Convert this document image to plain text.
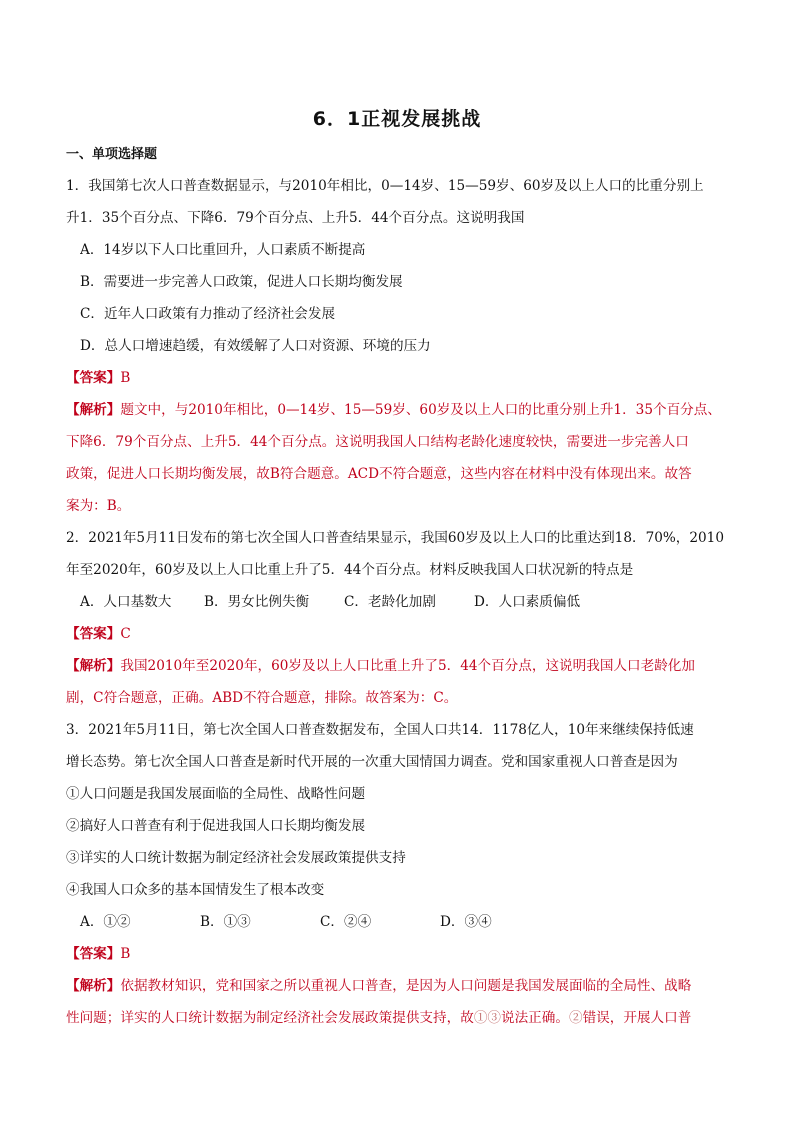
6．1正视发展挑战
一、单项选择题
1．我国第七次人口普查数据显示，与2010年相比，0—14岁、15—59岁、60岁及以上人口的比重分别上
升1．35个百分点、下降6．79个百分点、上升5．44个百分点。这说明我国
A．14岁以下人口比重回升，人口素质不断提高
B．需要进一步完善人口政策，促进人口长期均衡发展
C．近年人口政策有力推动了经济社会发展
D．总人口增速趋缓，有效缓解了人口对资源、环境的压力
【答案】B
【解析】题文中，与2010年相比，0—14岁、15—59岁、60岁及以上人口的比重分别上升1．35个百分点、
下降6．79个百分点、上升5．44个百分点。这说明我国人口结构老龄化速度较快，需要进一步完善人口
政策，促进人口长期均衡发展，故B符合题意。ACD不符合题意，这些内容在材料中没有体现出来。故答
案为：B。
2．2021年5月11日发布的第七次全国人口普查结果显示，我国60岁及以上人口的比重达到18．70%，2010
年至2020年，60岁及以上人口比重上升了5．44个百分点。材料反映我国人口状况新的特点是
A．人口基数大 B．男女比例失衡	C．老龄化加剧	D．人口素质偏低
【答案】C
【解析】我国2010年至2020年，60岁及以上人口比重上升了5．44个百分点，这说明我国人口老龄化加
剧，C符合题意，正确。ABD不符合题意，排除。故答案为：C。
3．2021年5月11日，第七次全国人口普查数据发布，全国人口共14．1178亿人，10年来继续保持低速
增长态势。第七次全国人口普查是新时代开展的一次重大国情国力调查。党和国家重视人口普查是因为
①人口问题是我国发展面临的全局性、战略性问题
②搞好人口普查有利于促进我国人口长期均衡发展
③详实的人口统计数据为制定经济社会发展政策提供支持
④我国人口众多的基本国情发生了根本改变
A．①②	B．①③	C．②④	D．③④
【答案】B
【解析】依据教材知识，党和国家之所以重视人口普查，是因为人口问题是我国发展面临的全局性、战略
性问题；详实的人口统计数据为制定经济社会发展政策提供支持，故①③说法正确。②错误，开展人口普
